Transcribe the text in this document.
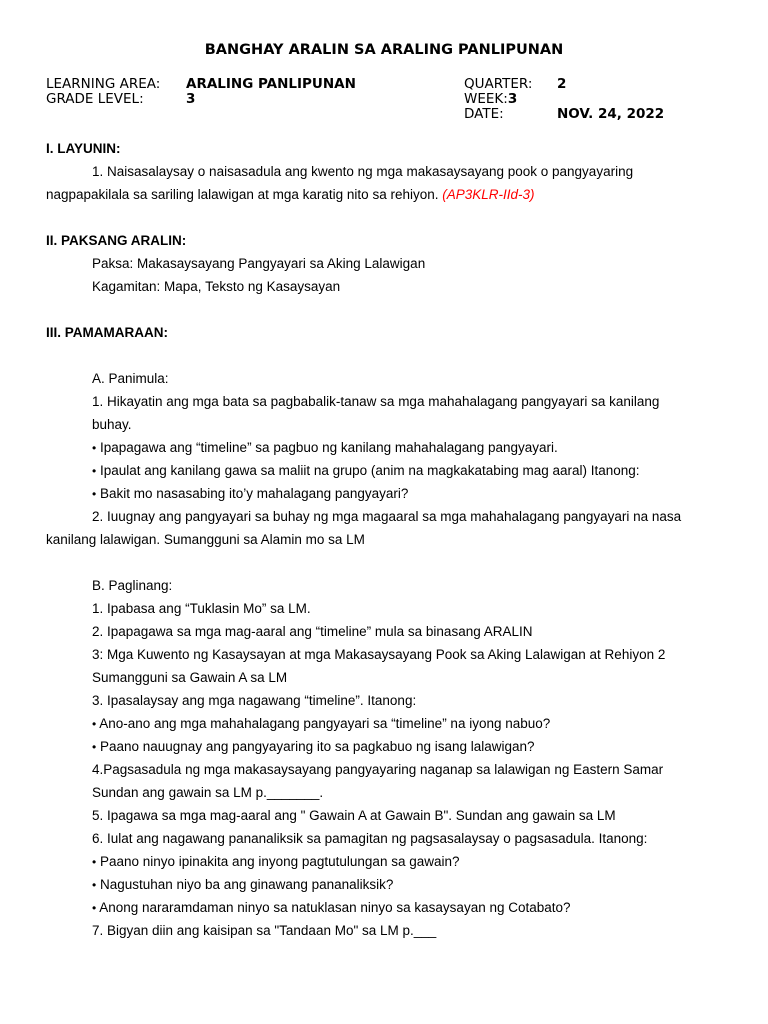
BANGHAY ARALIN SA ARALING PANLIPUNAN
LEARNING AREA: ARALING PANLIPUNAN
GRADE LEVEL:	3
QUARTER: 2
WEEK:3
DATE:	NOV. 24, 2022
I. LAYUNIN:
1. Naisasalaysay o naisasadula ang kwento ng mga makasaysayang pook o pangyayaring
nagpapakilala sa sariling lalawigan at mga karatig nito sa rehiyon. (AP3KLR-IId-3)
II. PAKSANG ARALIN:
Paksa: Makasaysayang Pangyayari sa Aking Lalawigan
Kagamitan: Mapa, Teksto ng Kasaysayan
III. PAMAMARAAN:
A. Panimula:
1. Hikayatin ang mga bata sa pagbabalik-tanaw sa mga mahahalagang pangyayari sa kanilang
buhay.
• Ipapagawa ang “timeline” sa pagbuo ng kanilang mahahalagang pangyayari.
• Ipaulat ang kanilang gawa sa maliit na grupo (anim na magkakatabing mag aaral) Itanong:
• Bakit mo nasasabing ito’y mahalagang pangyayari?
2. Iuugnay ang pangyayari sa buhay ng mga magaaral sa mga mahahalagang pangyayari na nasa
kanilang lalawigan. Sumangguni sa Alamin mo sa LM
B. Paglinang:
1. Ipabasa ang “Tuklasin Mo” sa LM.
2. Ipapagawa sa mga mag-aaral ang “timeline” mula sa binasang ARALIN
3: Mga Kuwento ng Kasaysayan at mga Makasaysayang Pook sa Aking Lalawigan at Rehiyon 2
Sumangguni sa Gawain A sa LM
3. Ipasalaysay ang mga nagawang “timeline”. Itanong:
• Ano-ano ang mga mahahalagang pangyayari sa “timeline” na iyong nabuo?
• Paano nauugnay ang pangyayaring ito sa pagkabuo ng isang lalawigan?
4.Pagsasadula ng mga makasaysayang pangyayaring naganap sa lalawigan ng Eastern Samar
Sundan ang gawain sa LM p._______.
5. Ipagawa sa mga mag-aaral ang " Gawain A at Gawain B". Sundan ang gawain sa LM
6. Iulat ang nagawang pananaliksik sa pamagitan ng pagsasalaysay o pagsasadula. Itanong:
• Paano ninyo ipinakita ang inyong pagtutulungan sa gawain?
• Nagustuhan niyo ba ang ginawang pananaliksik?
• Anong nararamdaman ninyo sa natuklasan ninyo sa kasaysayan ng Cotabato?
7. Bigyan diin ang kaisipan sa "Tandaan Mo" sa LM p.___
